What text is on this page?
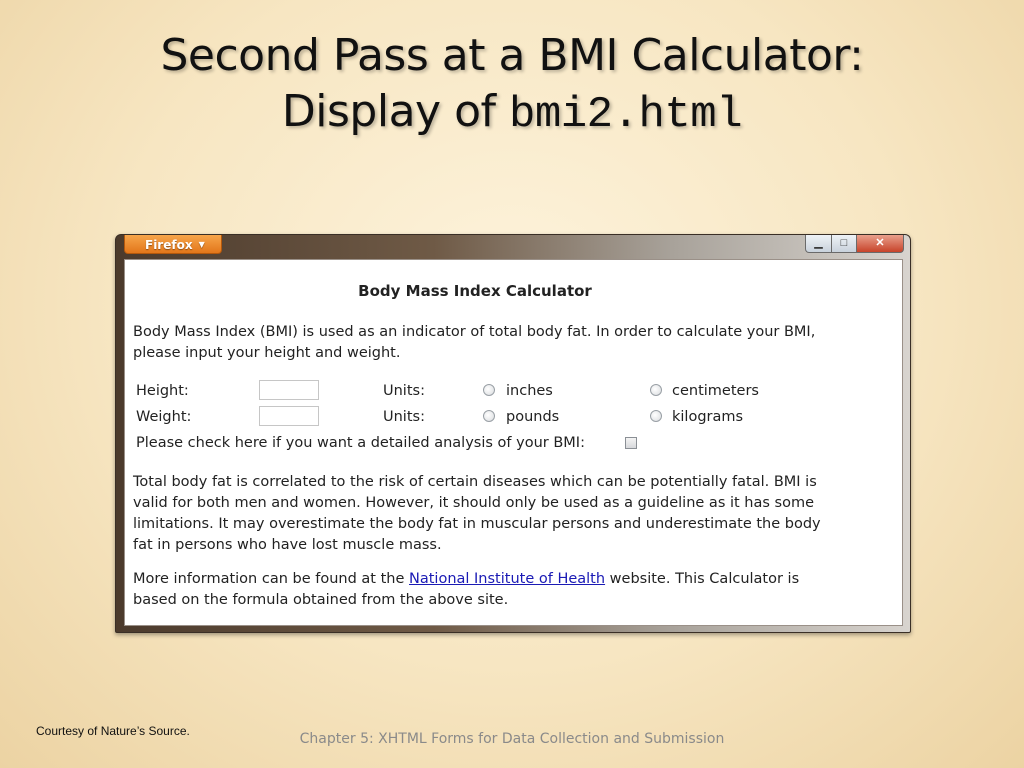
Second Pass at a BMI Calculator:
Display of bmi2.html
Firefox ▼	▁	□	✕
Body Mass Index Calculator

Body Mass Index (BMI) is used as an indicator of total body fat. In order to calculate your BMI, please input your height and weight.

Height:	Units:	inches	centimeters
Weight:	Units:	pounds	kilograms
Please check here if you want a detailed analysis of your BMI:

Total body fat is correlated to the risk of certain diseases which can be potentially fatal. BMI is valid for both men and women. However, it should only be used as a guideline as it has some limitations. It may overestimate the body fat in muscular persons and underestimate the body fat in persons who have lost muscle mass.

More information can be found at the National Institute of Health website. This Calculator is based on the formula obtained from the above site.

Courtesy of Nature’s Source.	Chapter 5: XHTML Forms for Data Collection and Submission
